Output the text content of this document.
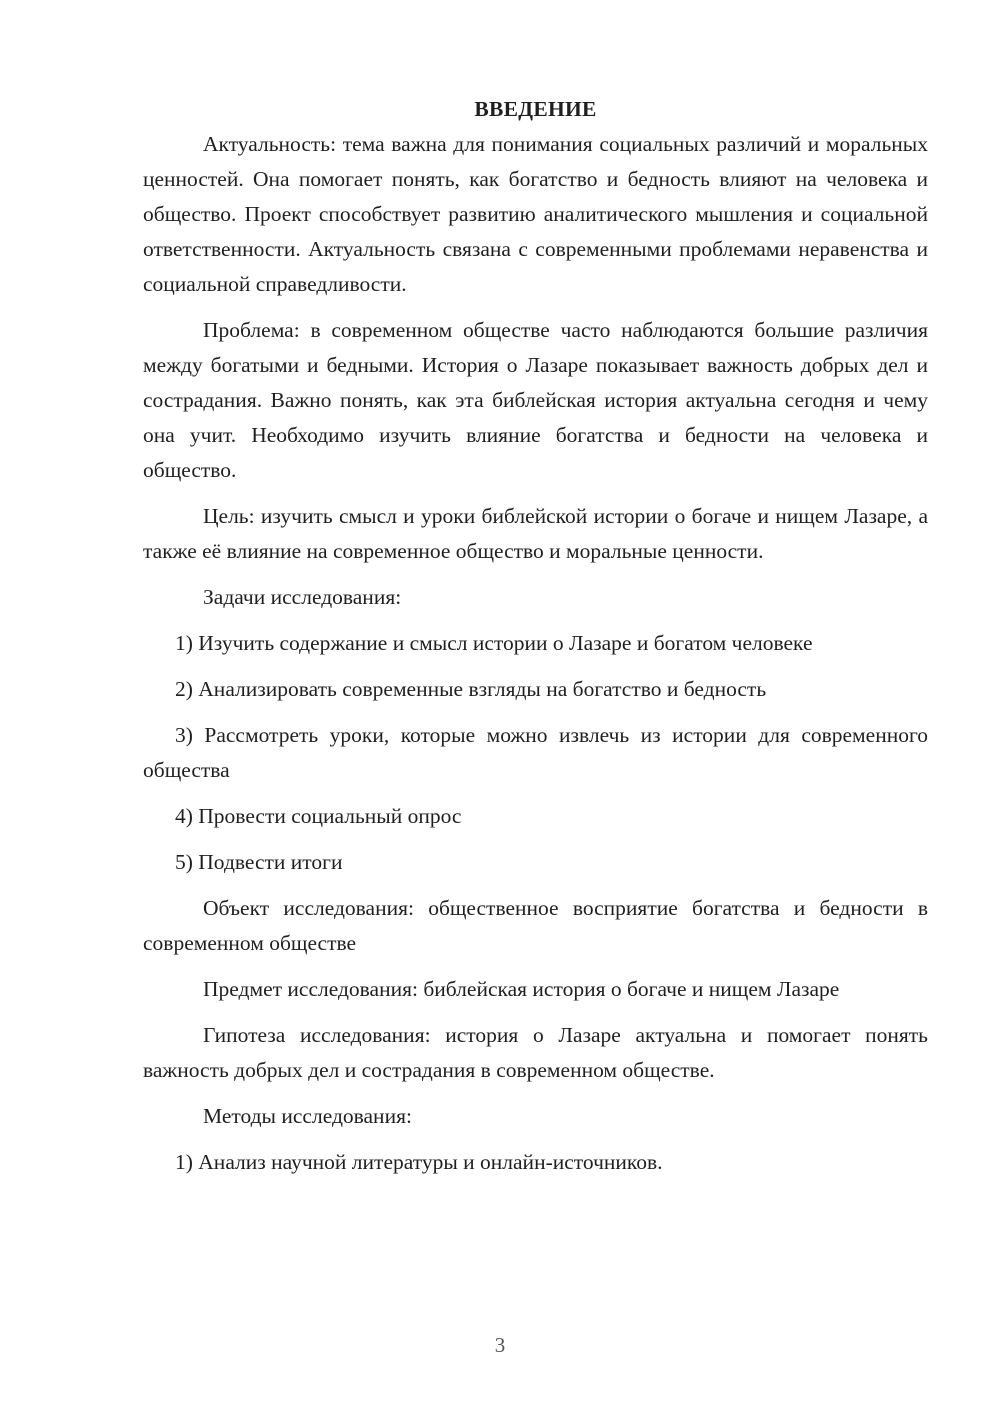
ВВЕДЕНИЕ

Актуальность: тема важна для понимания социальных различий и моральных ценностей. Она помогает понять, как богатство и бедность влияют на человека и общество. Проект способствует развитию аналитического мышления и социальной ответственности. Актуальность связана с современными проблемами неравенства и социальной справедливости.

Проблема: в современном обществе часто наблюдаются большие различия между богатыми и бедными. История о Лазаре показывает важность добрых дел и сострадания. Важно понять, как эта библейская история актуальна сегодня и чему она учит. Необходимо изучить влияние богатства и бедности на человека и общество.

Цель: изучить смысл и уроки библейской истории о богаче и нищем Лазаре, а также её влияние на современное общество и моральные ценности.

Задачи исследования:

1) Изучить содержание и смысл истории о Лазаре и богатом человеке

2) Анализировать современные взгляды на богатство и бедность

3) Рассмотреть уроки, которые можно извлечь из истории для современного общества

4) Провести социальный опрос

5) Подвести итоги

Объект исследования: общественное восприятие богатства и бедности в современном обществе

Предмет исследования: библейская история о богаче и нищем Лазаре

Гипотеза исследования: история о Лазаре актуальна и помогает понять важность добрых дел и сострадания в современном обществе.

Методы исследования:

1) Анализ научной литературы и онлайн-источников.

3
